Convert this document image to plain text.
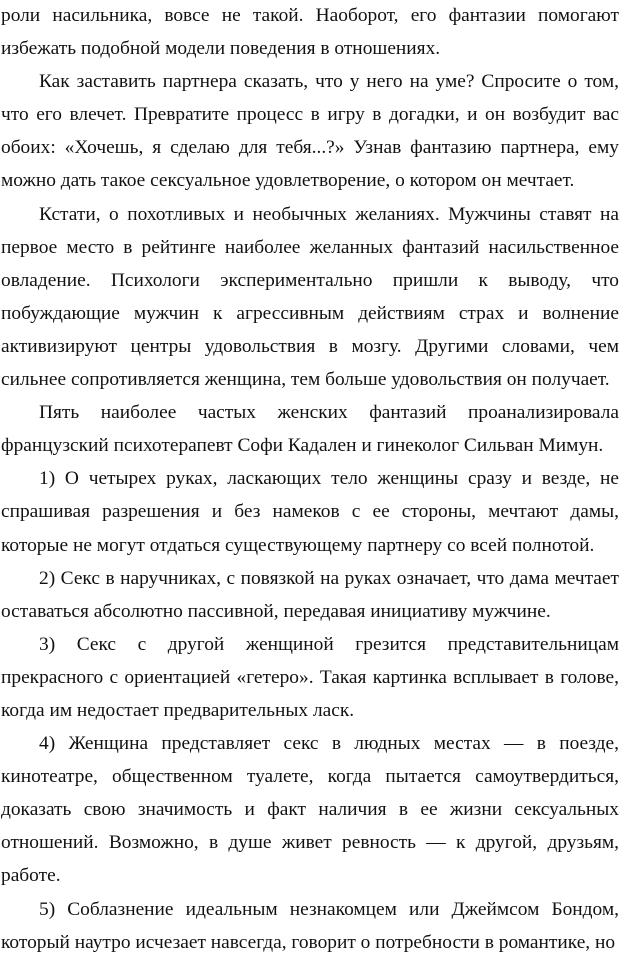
роли насильника, вовсе не такой. Наоборот, его фантазии помогают
избежать подобной модели поведения в отношениях.

Как заставить партнера сказать, что у него на уме? Спросите о том,
что его влечет. Превратите процесс в игру в догадки, и он возбудит вас
обоих: «Хочешь, я сделаю для тебя...?» Узнав фантазию партнера, ему
можно дать такое сексуальное удовлетворение, о котором он мечтает.

Кстати, о похотливых и необычных желаниях. Мужчины ставят на
первое место в рейтинге наиболее желанных фантазий насильственное
овладение. Психологи экспериментально пришли к выводу, что
побуждающие мужчин к агрессивным действиям страх и волнение
активизируют центры удовольствия в мозгу. Другими словами, чем
сильнее сопротивляется женщина, тем больше удовольствия он получает.

Пять наиболее частых женских фантазий проанализировала
французский психотерапевт Софи Кадален и гинеколог Сильван Мимун.

1) О четырех руках, ласкающих тело женщины сразу и везде, не
спрашивая разрешения и без намеков с ее стороны, мечтают дамы,
которые не могут отдаться существующему партнеру со всей полнотой.

2) Секс в наручниках, с повязкой на руках означает, что дама мечтает
оставаться абсолютно пассивной, передавая инициативу мужчине.

3) Секс с другой женщиной грезится представительницам
прекрасного с ориентацией «гетеро». Такая картинка всплывает в голове,
когда им недостает предварительных ласк.

4) Женщина представляет секс в людных местах — в поезде,
кинотеатре, общественном туалете, когда пытается самоутвердиться,
доказать свою значимость и факт наличия в ее жизни сексуальных
отношений. Возможно, в душе живет ревность — к другой, друзьям,
работе.

5) Соблазнение идеальным незнакомцем или Джеймсом Бондом,
который наутро исчезает навсегда, говорит о потребности в романтике, но
